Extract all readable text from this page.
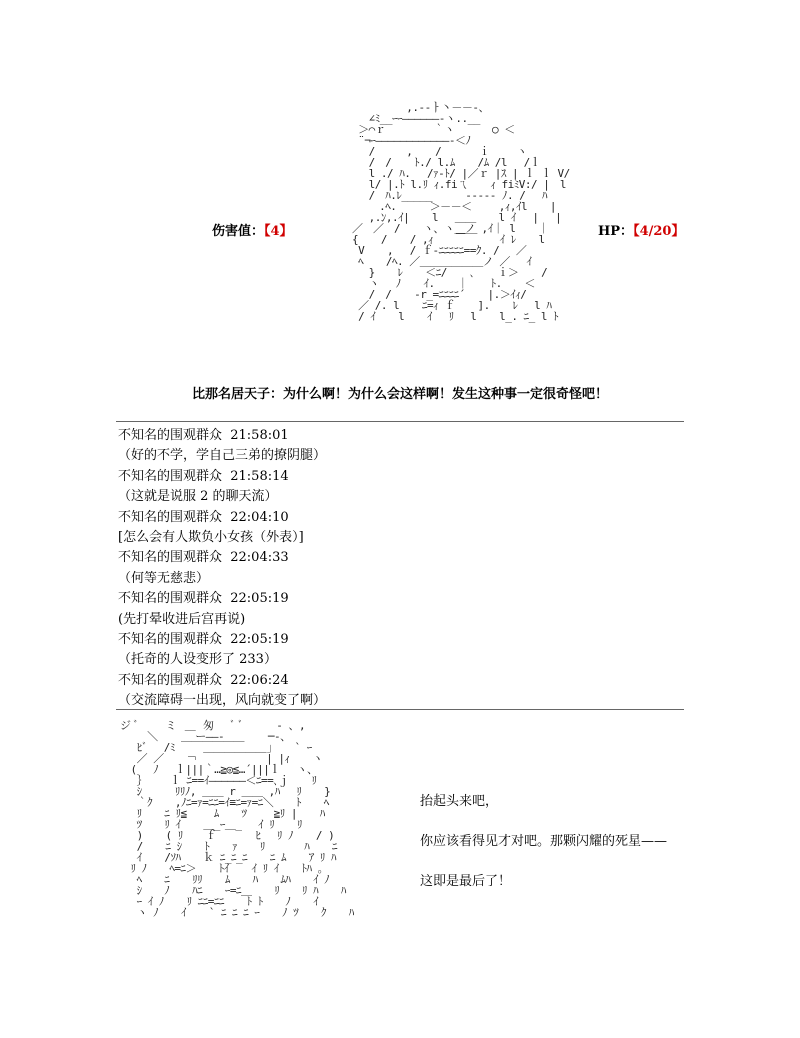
　 ,.-‐ￂ丶－－‐、
　　　　　 ∠ﾐ__ｰｰ――――――-ヽ..__
　　　　 ＞⌒ｒ　　　　 ｀ヽ　　　 ○ ＜
　　　　 ¨¬ｰ――――――――――――‐＜ﾉ
　　　　　 /　　　, 　 /　　 　ｉ　　 ヽ
　　　　　 /　/ 　 ﾄ./ l.ﾑ 　 /ﾑ /l 　/ｌ
　　　　　 l ./ ﾊ.　 /ｧ‐ﾄ/ |／ｒ |ｽ | ｌ ｌ V/
　　　　　 l/ |.ﾄ l.ﾘ ｨ.fiㄟ 　 ｨ fiﾐV:/ |　l
　　　　　 /　ﾊ.ﾚ_____ 　　 ----- ﾉ. /　 ﾊ
　　　　　　 .ﾍ. 　　 ＞－－＜　　 ,ｨ,ｲl 　 |
　　　　　 ,.ﾝ,.ｲ| 　 l　 ＿＿ 　 l ｲ　 |　 |
　　　　／　／　/ 　 ヽ、ヽ＿ノ ,ｲ｜ l 　 ｜
　　　　{ 　 / 　 / ,ｨ 　 ￣￣ 　 ｲ ﾚ 　 l 　
　　　　 V 　 , 　/ ｆ‐ﾆﾆﾆﾆﾆ==ｸ. / 　／ 　
　　　　 ﾍ 　 /ﾍ. ／＿＿＿＿＿＿ノ ／ 　ｲ
　　　　　 } 　 ﾚ 　 ＜ﾆ/ 　 ､ 　 ｉ＞ 　 /
　　　　　 ヽ　 ﾉ 　 ｲ. 　 ｜ 　 ﾄ. 　 ＜
　　　　　 /　/ 　 -r_=ﾆﾆﾆﾆ´ 　 |.＞ｲｨ/
　　　　 ／ /. l 　 ﾆ=ｨ ｆ 　 ]. 　 ﾚ　 l ﾊ
　　　　 / ｲ 　 l 　 ｲ　 ﾘ　 l 　 l_. ﾆ_ l ﾄ
伤害值：【4】	HP：【4/20】
比那名居天子：为什么啊！为什么会这样啊！发生这种事一定很奇怪吧！
不知名的围观群众  21:58:01
（好的不学，学自己三弟的撩阴腿）
不知名的围观群众  21:58:14
（这就是说服 2 的聊天流）
不知名的围观群众  22:04:10
[怎么会有人欺负小女孩（外表）]
不知名的围观群众  22:04:33
（何等无慈悲）
不知名的围观群众  22:05:19
(先打晕收进后宫再说)
不知名的围观群众  22:05:19
（托奇的人设变形了 233）
不知名的围观群众  22:06:24
（交流障碍一出现，风向就变了啊）
ジ ﾞ　　 ミ　　 匆　 ﾞ ﾞ 　 　‐ 、,
　　 ＼　　 ￣ー――‐　　 　 ─-、
　 ﾋﾞ　 /ﾐ ￣￣￣￣￣￣ 　 ｣ 　 ` ｰ
　 ／ ／ 　 ￢ ￣￣￣￣￣￣| |ｨ 　 ヽ
　(　 ﾉ　 ｌ|||｀…≧◎≦…´|||ｌ 　ヽ、
　 ｝ 　 ｌ ﾆ==ｲ――――――＜ﾆ==､ｊ 　 ﾘ
　 ｼ 　　 ﾘﾘﾉ, ＿＿ r ＿＿ ,ﾊ 　ﾘ 　 }
　 ｀ｸ 　 ,ﾉﾆ=ｧ=ﾆﾆ=ｲ≡ﾆ=ｧ=ﾆ＼ 　 ﾄ 　 ﾍ
　 ﾘ 　 ﾆ ﾘ≦　　 ﾑ 　 ﾂ　　 ≧ﾘ | 　 ﾊ
　 ﾂ 　 ﾘ ｲ 　 ＿_ｰ＿_　 ｲ ﾘ 　 ﾘ
　 ) 　 ( ﾘ 　 ｆ 　 　 ﾋ　 ﾘ ﾉ 　 / )
　 / 　 ﾆ ｼ 　 ﾄ 　 ｧ 　 ﾘ 　 　 ﾊ 　 ﾆ
　 ｲ 　 /ｿﾊ 　 ｋ ﾆ_ﾆ_ﾆ 　 ﾆ ﾑ 　 ｱ ﾘ ﾊ
　ﾘ ﾉ 　 ﾍ=ﾆ＞ 　 ﾄｲ 　 ｲ ﾘ ｲ 　 ﾄﾊ ｡
　 ﾍ 　 ﾆ 　 ﾘﾘ 　 ﾑ 　 ﾊ 　 ﾑﾊ 　 ｲ ﾉ
　 ｼ 　 ﾉ 　 ﾊﾆ 　 ｰ=ﾆ＿ 　 ﾘ 　 ﾘ ﾊ 　 ﾊ
　 ｰ ｲ ﾉ 　 ﾘ ﾆﾆ=ﾆﾆ 　 ﾄ ﾄ 　 ﾉ 　 ｲ
　 ヽ ﾉ 　 ｲ 　 ` ﾆ ﾆ ﾆ ｰ 　 ﾉ ﾂ 　 ｸ 　 ﾊ
抬起头来吧，
你应该看得见才对吧。那颗闪耀的死星——
这即是最后了！
